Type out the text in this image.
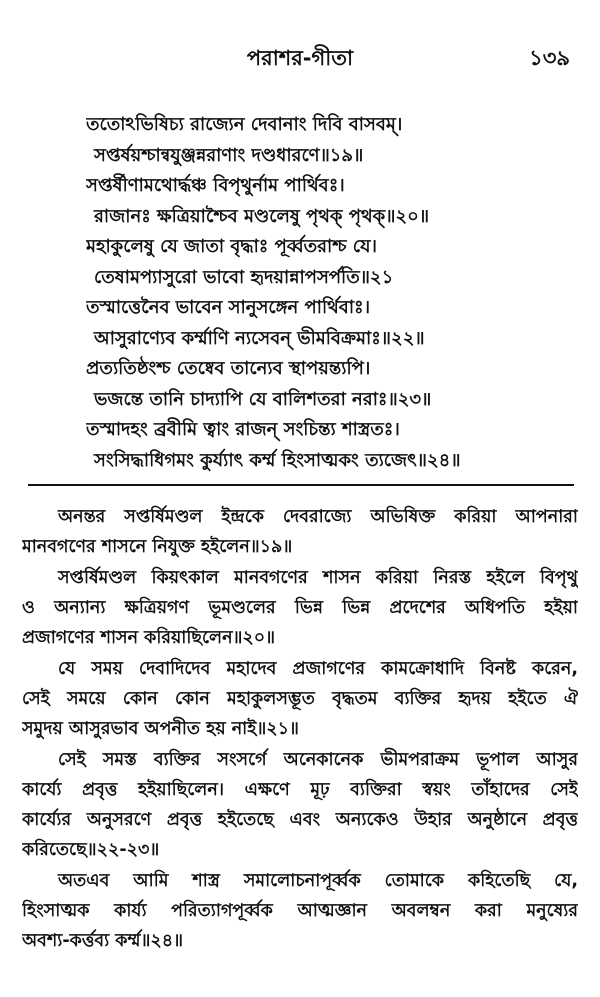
পরাশর-গীতা	১৩৯
ততোঽভিষিচ্য রাজ্যেন দেবানাং দিবি বাসবম্।
সপ্তর্ষয়শ্চান্বযুঞ্জন্নরাণাং দণ্ডধারণে॥১৯॥
সপ্তর্ষীণামথোর্দ্ধঞ্চ বিপৃথুর্নাম পার্থিবঃ।
রাজানঃ ক্ষত্রিয়াশ্চৈব মণ্ডলেষু পৃথক্ পৃথক্॥২০॥
মহাকুলেষু যে জাতা বৃদ্ধাঃ পূর্ব্বতরাশ্চ যে।
তেষামপ্যাসুরো ভাবো হৃদয়ান্নাপসর্পতি॥২১
তস্মাত্তেনৈব ভাবেন সানুসঙ্গেন পার্থিবাঃ।
আসুরাণ্যেব কর্ম্মাণি ন্যসেবন্ ভীমবিক্রমাঃ॥২২॥
প্রত্যতিষ্ঠংশ্চ তেষ্বেব তান্যেব স্থাপয়ন্ত্যপি।
ভজন্তে তানি চাদ্যাপি যে বালিশতরা নরাঃ॥২৩॥
তস্মাদহং ব্রবীমি ত্বাং রাজন্ সংচিন্ত্য শাস্ত্রতঃ।
সংসিদ্ধাধিগমং কুর্য্যাৎ কর্ম্ম হিংসাত্মকং ত্যজেৎ॥২৪॥
অনন্তর সপ্তর্ষিমণ্ডল ইন্দ্রকে দেবরাজ্যে অভিষিক্ত করিয়া আপনারা
মানবগণের শাসনে নিযুক্ত হইলেন॥১৯॥
সপ্তর্ষিমণ্ডল কিয়ৎকাল মানবগণের শাসন করিয়া নিরস্ত হইলে বিপৃথু
ও অন্যান্য ক্ষত্রিয়গণ ভূমণ্ডলের ভিন্ন ভিন্ন প্রদেশের অধিপতি হইয়া
প্রজাগণের শাসন করিয়াছিলেন॥২০॥
যে সময় দেবাদিদেব মহাদেব প্রজাগণের কামক্রোধাদি বিনষ্ট করেন,
সেই সময়ে কোন কোন মহাকুলসম্ভূত বৃদ্ধতম ব্যক্তির হৃদয় হইতে ঐ
সমুদয় আসুরভাব অপনীত হয় নাই॥২১॥
সেই সমস্ত ব্যক্তির সংসর্গে অনেকানেক ভীমপরাক্রম ভূপাল আসুর
কার্য্যে প্রবৃত্ত হইয়াছিলেন। এক্ষণে মূঢ় ব্যক্তিরা স্বয়ং তাঁহাদের সেই
কার্য্যের অনুসরণে প্রবৃত্ত হইতেছে এবং অন্যকেও উহার অনুষ্ঠানে প্রবৃত্ত
করিতেছে॥২২-২৩॥
অতএব আমি শাস্ত্র সমালোচনাপূর্ব্বক তোমাকে কহিতেছি যে,
হিংসাত্মক কার্য্য পরিত্যাগপূর্ব্বক আত্মজ্ঞান অবলম্বন করা মনুষ্যের
অবশ্য-কর্ত্তব্য কর্ম্ম॥২৪॥
